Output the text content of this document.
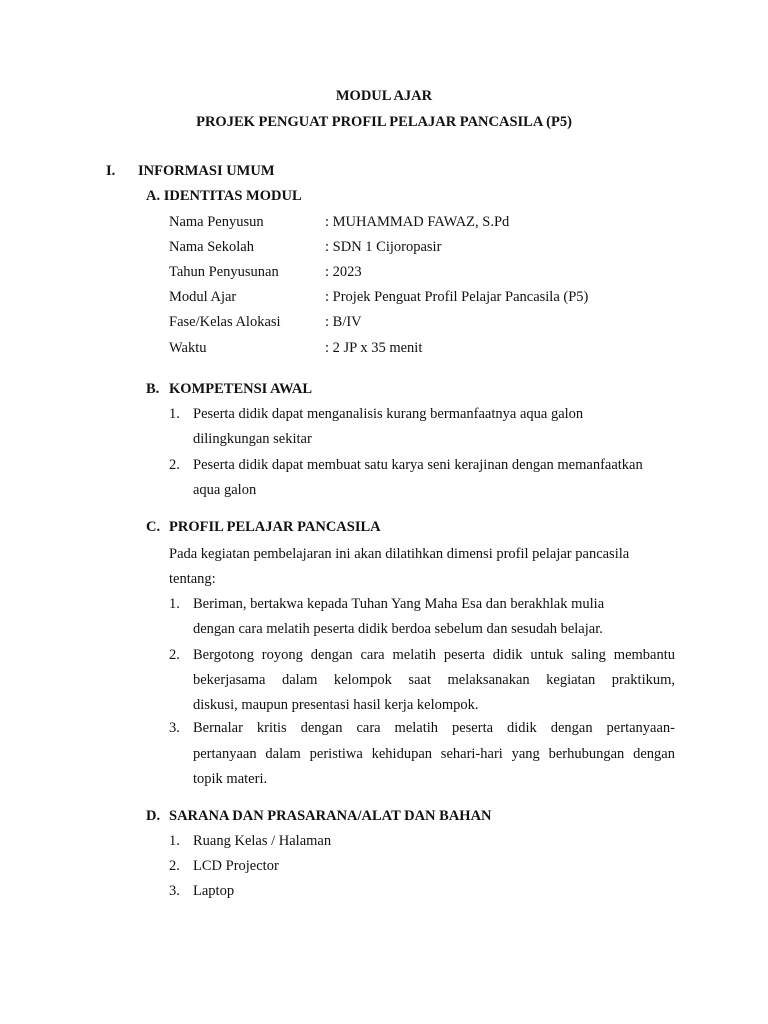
MODUL AJAR
PROJEK PENGUAT PROFIL PELAJAR PANCASILA (P5)
I. INFORMASI UMUM
A. IDENTITAS MODUL
Nama Penyusun	: MUHAMMAD FAWAZ, S.Pd
Nama Sekolah	: SDN 1 Cijoropasir
Tahun Penyusunan	: 2023
Modul Ajar	: Projek Penguat Profil Pelajar Pancasila (P5)
Fase/Kelas Alokasi	: B/IV
Waktu	: 2 JP x 35 menit
B. KOMPETENSI AWAL
1. Peserta didik dapat menganalisis kurang bermanfaatnya aqua galon
dilingkungan sekitar
2. Peserta didik dapat membuat satu karya seni kerajinan dengan memanfaatkan
aqua galon
C. PROFIL PELAJAR PANCASILA
Pada kegiatan pembelajaran ini akan dilatihkan dimensi profil pelajar pancasila
tentang:
1. Beriman, bertakwa kepada Tuhan Yang Maha Esa dan berakhlak mulia
dengan cara melatih peserta didik berdoa sebelum dan sesudah belajar.
2. Bergotong royong dengan cara melatih peserta didik untuk saling membantu
bekerjasama dalam kelompok saat melaksanakan kegiatan praktikum,
diskusi, maupun presentasi hasil kerja kelompok.
3. Bernalar kritis dengan cara melatih peserta didik dengan pertanyaan-
pertanyaan dalam peristiwa kehidupan sehari-hari yang berhubungan dengan
topik materi.
D. SARANA DAN PRASARANA/ALAT DAN BAHAN
1. Ruang Kelas / Halaman
2. LCD Projector
3. Laptop
